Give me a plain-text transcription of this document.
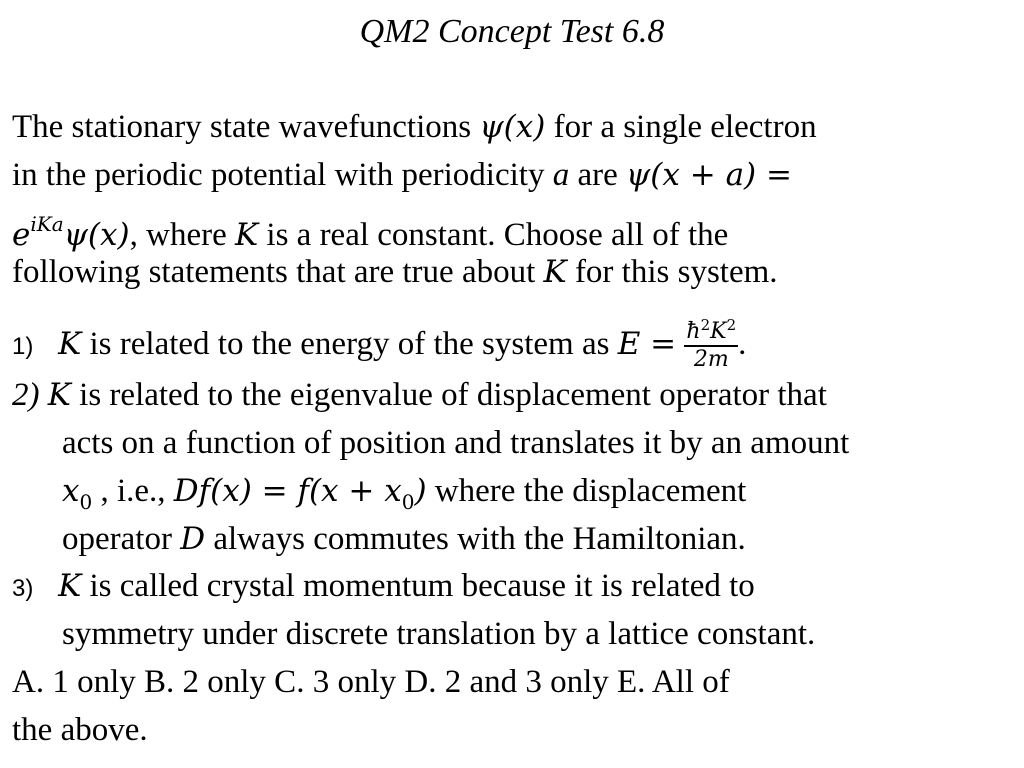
QM2 Concept Test 6.8
The stationary state wavefunctions ψ(x) for a single electron
in the periodic potential with periodicity a are ψ(x + a) =
$e^{iKa}\psi(x)$, where K is a real constant. Choose all of the
following statements that are true about K for this system.
1) K is related to the energy of the system as $E = \frac{ħ^2K^2}{2m}$ .
2) K is related to the eigenvalue of displacement operator that
acts on a function of position and translates it by an amount
$x_0$ , i.e., $Df(x) = f(x + x_0)$ where the displacement
operator D always commutes with the Hamiltonian.
3) K is called crystal momentum because it is related to
symmetry under discrete translation by a lattice constant.
A. 1 only B. 2 only C. 3 only D. 2 and 3 only E. All of
the above.
